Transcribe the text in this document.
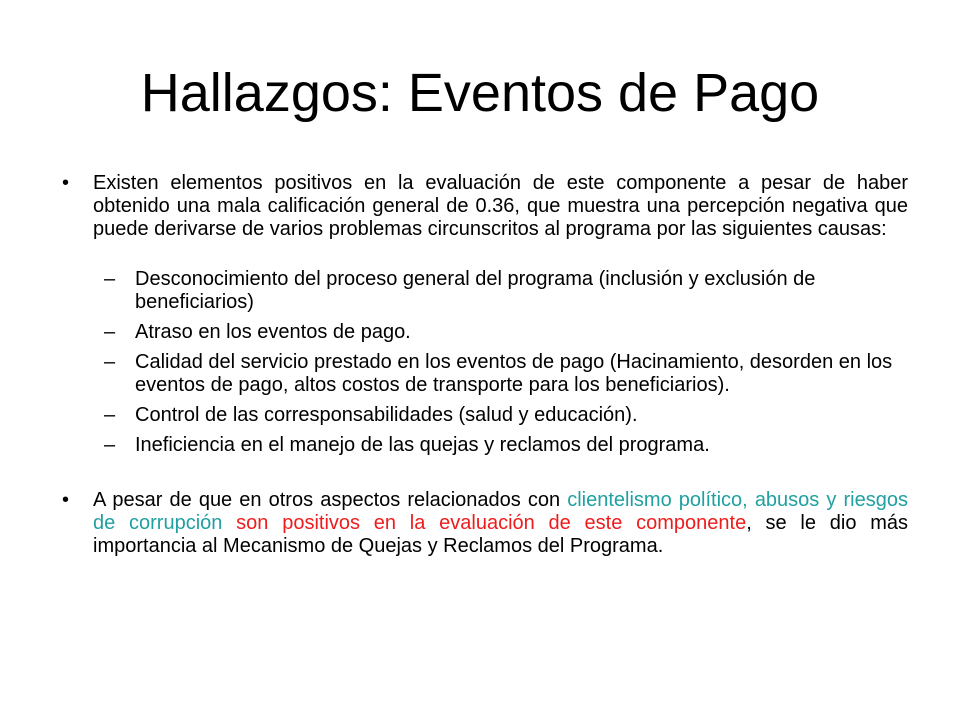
Hallazgos: Eventos de Pago
• Existen elementos positivos en la evaluación de este componente a pesar de haber obtenido una mala calificación general de 0.36, que muestra una percepción negativa que puede derivarse de varios problemas circunscritos al programa por las siguientes causas:
– Desconocimiento del proceso general del programa (inclusión y exclusión de beneficiarios)
– Atraso en los eventos de pago.
– Calidad del servicio prestado en los eventos de pago (Hacinamiento, desorden en los eventos de pago, altos costos de transporte para los beneficiarios).
– Control de las corresponsabilidades (salud y educación).
– Ineficiencia en el manejo de las quejas y reclamos del programa.
• A pesar de que en otros aspectos relacionados con clientelismo político, abusos y riesgos de corrupción son positivos en la evaluación de este componente, se le dio más importancia al Mecanismo de Quejas y Reclamos del Programa.
